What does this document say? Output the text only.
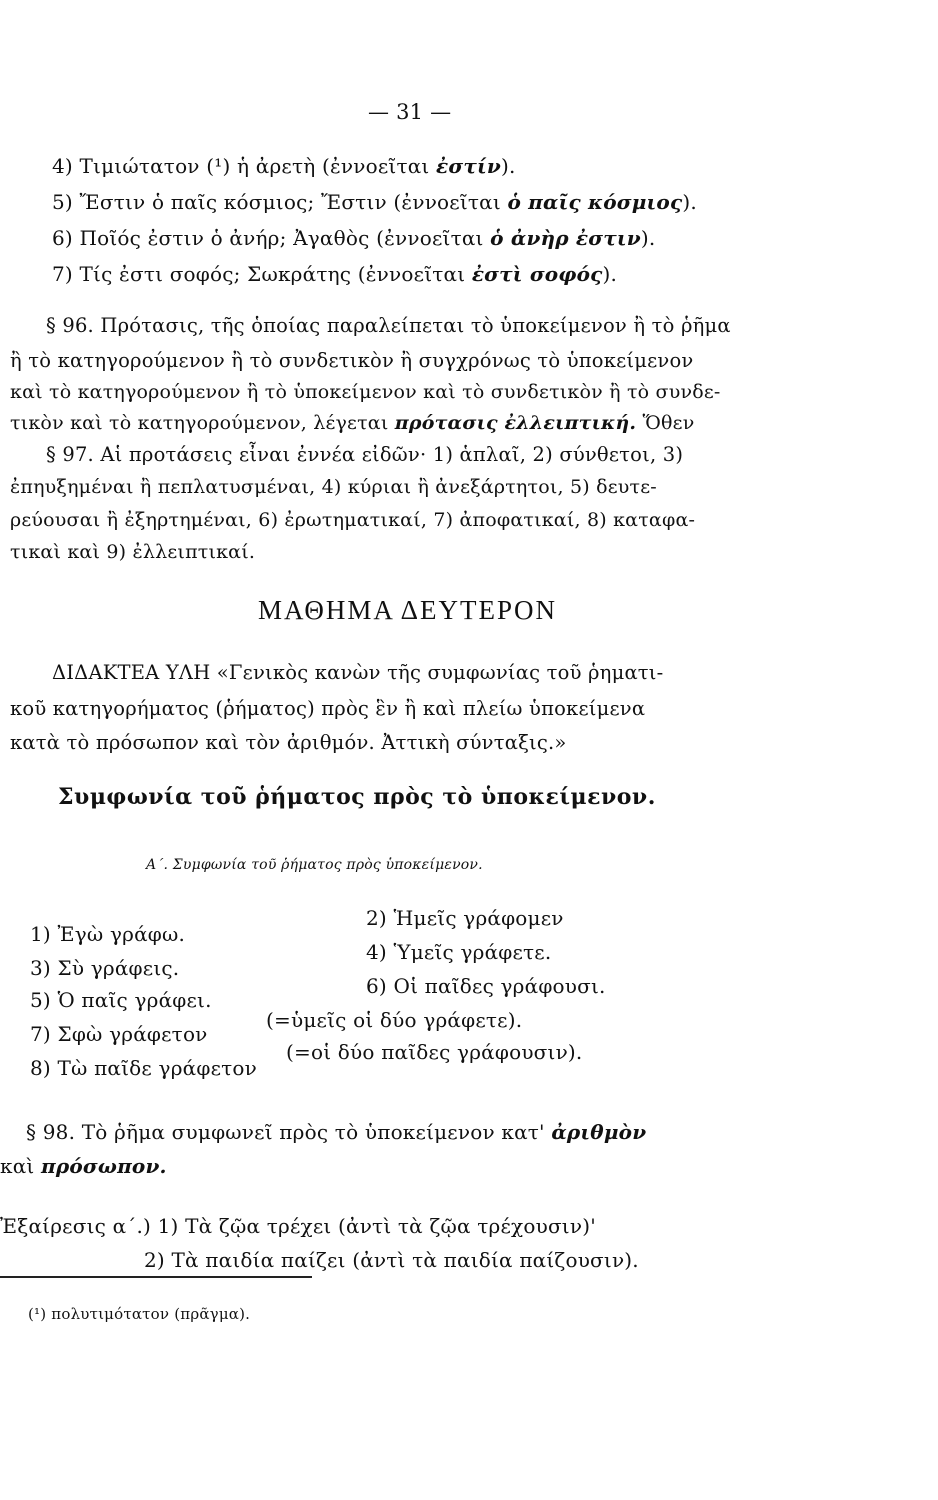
— 31 —
4) Τιμιώτατον (¹) ἡ ἀρετὴ (ἐννοεῖται ἐστίν).
5) Ἔστιν ὁ παῖς κόσμιος; Ἔστιν (ἐννοεῖται ὁ παῖς κόσμιος).
6) Ποῖός ἐστιν ὁ ἀνήρ; Ἀγαθὸς (ἐννοεῖται ὁ ἀνὴρ ἐστιν).
7) Τίς ἐστι σοφός; Σωκράτης (ἐννοεῖται ἐστὶ σοφός).
§ 96. Πρότασις, τῆς ὁποίας παραλείπεται τὸ ὑποκείμενον ἢ τὸ ῥῆμα
ἢ τὸ κατηγορούμενον ἢ τὸ συνδετικὸν ἢ συγχρόνως τὸ ὑποκείμενον
καὶ τὸ κατηγορούμενον ἢ τὸ ὑποκείμενον καὶ τὸ συνδετικὸν ἢ τὸ συνδε-
τικὸν καὶ τὸ κατηγορούμενον, λέγεται πρότασις ἐλλειπτική. Ὅθεν
§ 97. Αἱ προτάσεις εἶναι ἐννέα εἰδῶν· 1) ἁπλαῖ, 2) σύνθετοι, 3)
ἐπηυξημέναι ἢ πεπλατυσμέναι, 4) κύριαι ἢ ἀνεξάρτητοι, 5) δευτε-
ρεύουσαι ἢ ἐξηρτημέναι, 6) ἐρωτηματικαί, 7) ἀποφατικαί, 8) καταφα-
τικαὶ καὶ 9) ἐλλειπτικαί.
ΜΑΘΗΜΑ ΔΕΥΤΕΡΟΝ
ΔΙΔΑΚΤΕΑ ΥΛΗ «Γενικὸς κανὼν τῆς συμφωνίας τοῦ ῥηματι-
κοῦ κατηγορήματος (ῥήματος) πρὸς ἓν ἢ καὶ πλείω ὑποκείμενα
κατὰ τὸ πρόσωπον καὶ τὸν ἀριθμόν. Ἀττικὴ σύνταξις.»
Συμφωνία τοῦ ῥήματος πρὸς τὸ ὑποκείμενον.
Α΄. Συμφωνία τοῦ ῥήματος πρὸς ὑποκείμενον.
1) Ἐγὼ γράφω.
2) Ἡμεῖς γράφομεν
3) Σὺ γράφεις.
4) Ὑμεῖς γράφετε.
5) Ὁ παῖς γράφει.
6) Οἱ παῖδες γράφουσι.
7) Σφὼ γράφετον
(=ὑμεῖς οἱ δύο γράφετε).
8) Τὼ παῖδε γράφετον
(=οἱ δύο παῖδες γράφουσιν).
§ 98. Τὸ ῥῆμα συμφωνεῖ πρὸς τὸ ὑποκείμενον κατ' ἀριθμὸν
καὶ πρόσωπον.
Ἐξαίρεσις α΄.) 1) Τὰ ζῷα τρέχει (ἀντὶ τὰ ζῷα τρέχουσιν)'
2) Τὰ παιδία παίζει (ἀντὶ τὰ παιδία παίζουσιν).
(¹) πολυτιμότατον (πρᾶγμα).
